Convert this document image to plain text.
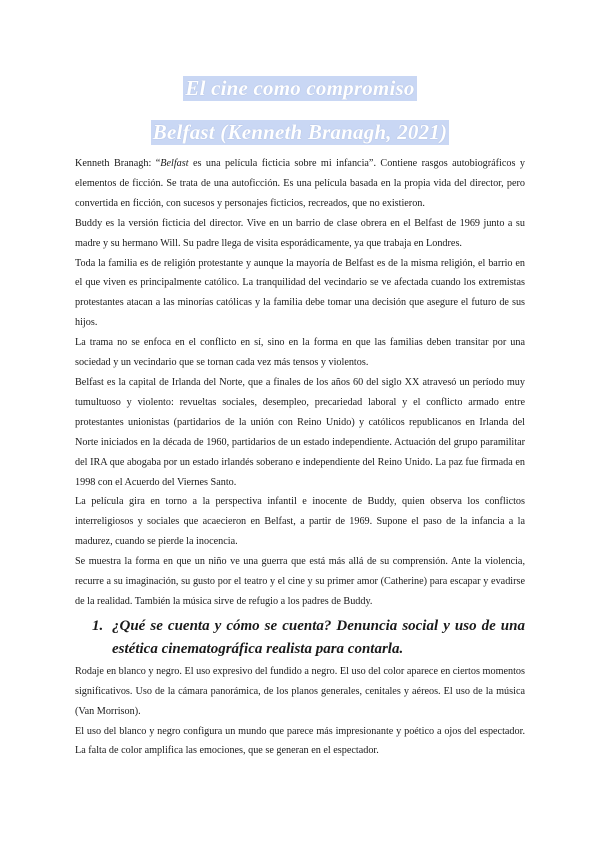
El cine como compromiso
Belfast (Kenneth Branagh, 2021)

Kenneth Branagh: “Belfast es una película ficticia sobre mi infancia”. Contiene rasgos autobiográficos y elementos de ficción. Se trata de una autoficción. Es una película basada en la propia vida del director, pero convertida en ficción, con sucesos y personajes ficticios, recreados, que no existieron.

Buddy es la versión ficticia del director. Vive en un barrio de clase obrera en el Belfast de 1969 junto a su madre y su hermano Will. Su padre llega de visita esporádicamente, ya que trabaja en Londres.

Toda la familia es de religión protestante y aunque la mayoría de Belfast es de la misma religión, el barrio en el que viven es principalmente católico. La tranquilidad del vecindario se ve afectada cuando los extremistas protestantes atacan a las minorías católicas y la familia debe tomar una decisión que asegure el futuro de sus hijos.

La trama no se enfoca en el conflicto en sí, sino en la forma en que las familias deben transitar por una sociedad y un vecindario que se tornan cada vez más tensos y violentos.

Belfast es la capital de Irlanda del Norte, que a finales de los años 60 del siglo XX atravesó un período muy tumultuoso y violento: revueltas sociales, desempleo, precariedad laboral y el conflicto armado entre protestantes unionistas (partidarios de la unión con Reino Unido) y católicos republicanos en Irlanda del Norte iniciados en la década de 1960, partidarios de un estado independiente. Actuación del grupo paramilitar del IRA que abogaba por un estado irlandés soberano e independiente del Reino Unido. La paz fue firmada en 1998 con el Acuerdo del Viernes Santo.

La película gira en torno a la perspectiva infantil e inocente de Buddy, quien observa los conflictos interreligiosos y sociales que acaecieron en Belfast, a partir de 1969. Supone el paso de la infancia a la madurez, cuando se pierde la inocencia.

Se muestra la forma en que un niño ve una guerra que está más allá de su comprensión. Ante la violencia, recurre a su imaginación, su gusto por el teatro y el cine y su primer amor (Catherine) para escapar y evadirse de la realidad. También la música sirve de refugio a los padres de Buddy.

1. ¿Qué se cuenta y cómo se cuenta? Denuncia social y uso de una estética cinematográfica realista para contarla.

Rodaje en blanco y negro. El uso expresivo del fundido a negro. El uso del color aparece en ciertos momentos significativos. Uso de la cámara panorámica, de los planos generales, cenitales y aéreos. El uso de la música (Van Morrison).

El uso del blanco y negro configura un mundo que parece más impresionante y poético a ojos del espectador. La falta de color amplifica las emociones, que se generan en el espectador.
